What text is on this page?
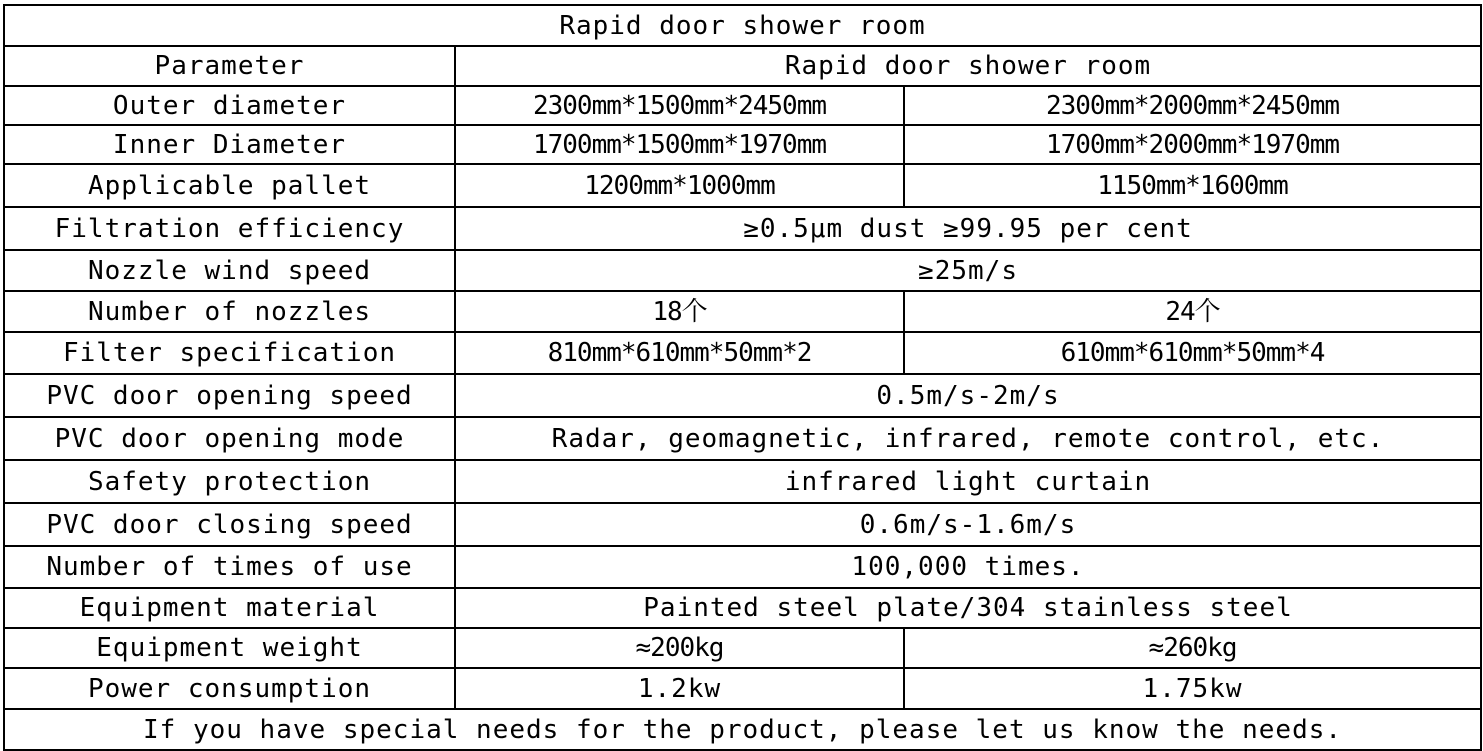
Rapid door shower room		
Parameter	Rapid door shower room	
Outer diameter	2300mm*1500mm*2450mm	2300mm*2000mm*2450mm
Inner Diameter	1700mm*1500mm*1970mm	1700mm*2000mm*1970mm
Applicable pallet	1200mm*1000mm	1150mm*1600mm
Filtration efficiency	≥0.5μm dust ≥99.95 per cent	
Nozzle wind speed	≥25m/s	
Number of nozzles	18个	24个
Filter specification	810mm*610mm*50mm*2	610mm*610mm*50mm*4
PVC door opening speed	0.5m/s-2m/s	
PVC door opening mode	Radar, geomagnetic, infrared, remote control, etc.	
Safety protection	infrared light curtain	
PVC door closing speed	0.6m/s-1.6m/s	
Number of times of use	100,000 times.	
Equipment material	Painted steel plate/304 stainless steel	
Equipment weight	≈200kg	≈260kg
Power consumption	1.2kw	1.75kw
If you have special needs for the product, please let us know the needs.		
